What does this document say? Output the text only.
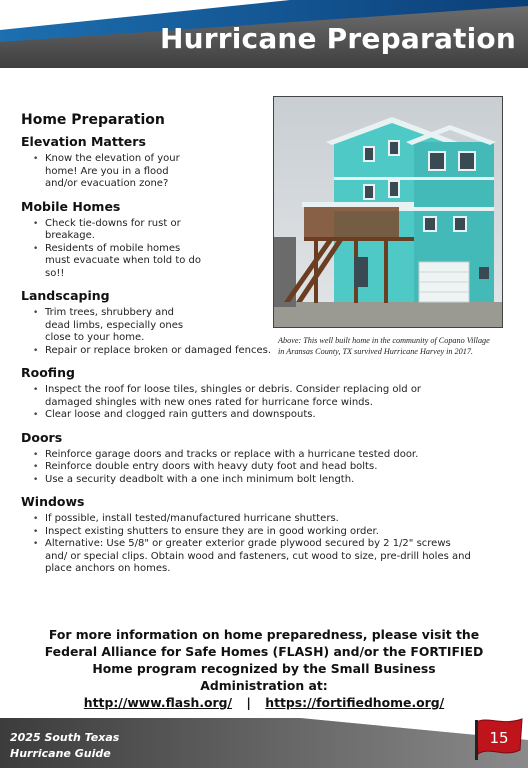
Hurricane Preparation
Home Preparation
Elevation Matters
• Know the elevation of your home! Are you in a flood and/or evacuation zone?
Mobile Homes
• Check tie-downs for rust or breakage.
• Residents of mobile homes must evacuate when told to do so!!
Landscaping
• Trim trees, shrubbery and dead limbs, especially ones close to your home.
• Repair or replace broken or damaged fences.
Roofing
• Inspect the roof for loose tiles, shingles or debris. Consider replacing old or damaged shingles with new ones rated for hurricane force winds.
• Clear loose and clogged rain gutters and downspouts.
Doors
• Reinforce garage doors and tracks or replace with a hurricane tested door.
• Reinforce double entry doors with heavy duty foot and head bolts.
• Use a security deadbolt with a one inch minimum bolt length.
Windows
• If possible, install tested/manufactured hurricane shutters.
• Inspect existing shutters to ensure they are in good working order.
• Alternative: Use 5/8" or greater exterior grade plywood secured by 2 1/2" screws and/ or special clips. Obtain wood and fasteners, cut wood to size, pre-drill holes and place anchors on homes.
Above: This well built home in the community of Copano Village in Aransas County, TX survived Hurricane Harvey in 2017.
For more information on home preparedness, please visit the Federal Alliance for Safe Homes (FLASH) and/or the FORTIFIED Home program recognized by the Small Business Administration at:
http://www.flash.org/ | https://fortifiedhome.org/
2025 South Texas
Hurricane Guide
15
